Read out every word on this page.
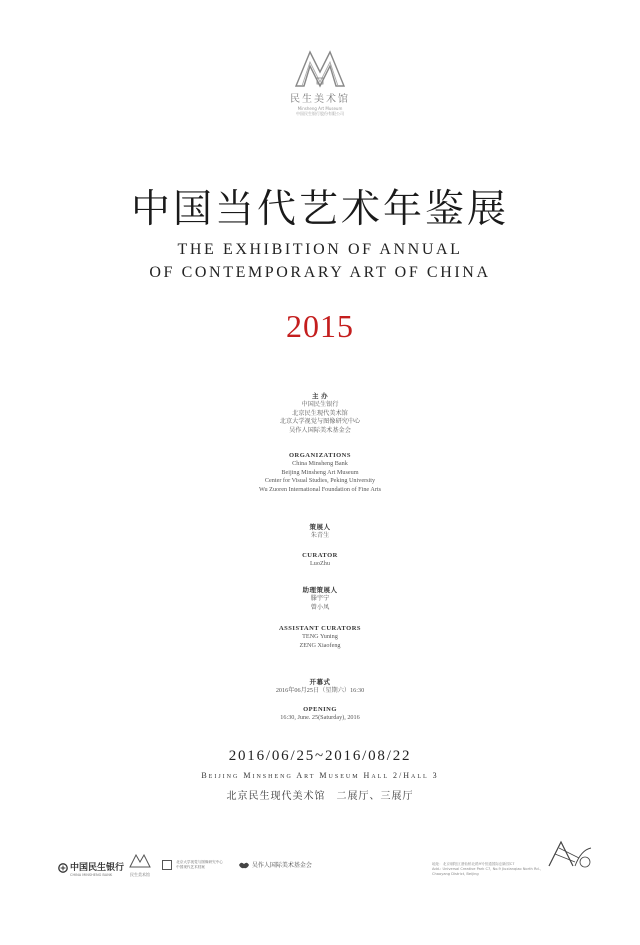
民生美术馆
Minsheng Art Museum
中国民生银行股份有限公司
中国当代艺术年鉴展
THE EXHIBITION OF ANNUAL
OF CONTEMPORARY ART OF CHINA
2015
主 办
中国民生银行
北京民生现代美术馆
北京大学视觉与图像研究中心
吴作人国际美术基金会
ORGANIZATIONS
China Minsheng Bank
Beijing Minsheng Art Museum
Center for Visual Studies, Peking University
Wu Zuoren International Foundation of Fine Arts
策展人
朱青生
CURATOR
LuoZhu
助理策展人
滕宇宁
曾小凤
ASSISTANT CURATORS
TENG Yuning
ZENG Xiaofeng
开幕式
2016年06月25日（星期六）16:30
OPENING
16:30, June. 25(Saturday), 2016
2016/06/25~2016/08/22
Beijing Minsheng Art Museum Hall 2/Hall 3
北京民生现代美术馆　二展厅、三展厅
中国民生银行
CHINA MINSHENG BANK	民生美术馆
北京大学视觉与图像研究中心
中国现代艺术档案	吴作人国际美术基金会	地址：北京朝阳区酒仙桥北路9号恒通国际创新园C7
Add.: Universal Creative Park C7, No.9 Jiuxianqiao North Rd., Chaoyang District, Beijing
